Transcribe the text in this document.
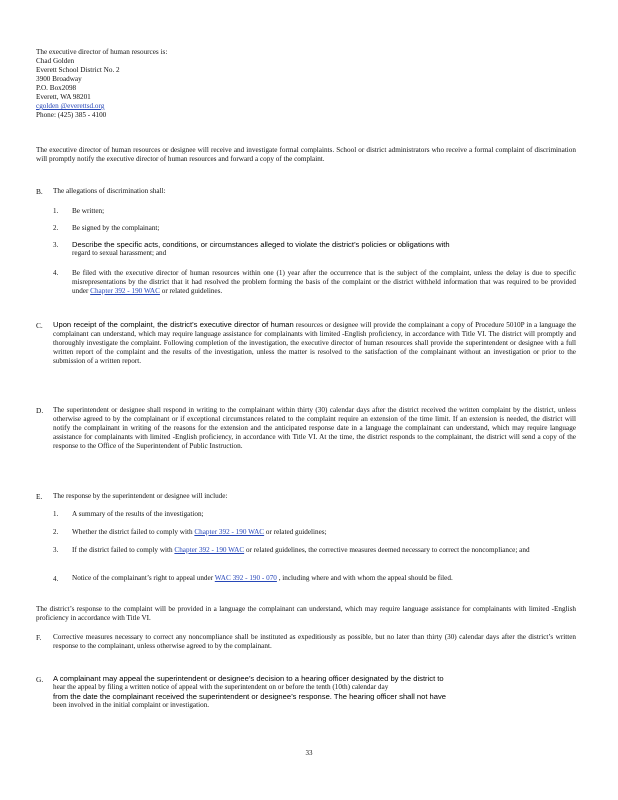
The executive director of human resources is:
Chad Golden
Everett School District No. 2
3900 Broadway
P.O. Box2098
Everett, WA 98201
cgolden @everettsd.org
Phone: (425) 385 - 4100
The executive director of human resources or designee will receive and investigate formal complaints. School or district administrators who receive a formal complaint of discrimination will promptly notify the executive director of human resources and forward a copy of the complaint.
B. The allegations of discrimination shall:
1. Be written;
2. Be signed by the complainant;
3. Describe the specific acts, conditions, or circumstances alleged to violate the district’s policies or obligations with
regard to sexual harassment; and
4. Be filed with the executive director of human resources within one (1) year after the occurrence that is the subject of the complaint, unless the delay is due to specific misrepresentations by the district that it had resolved the problem forming the basis of the complaint or the district withheld information that was required to be provided under Chapter 392 - 190 WAC or related guidelines.
C. Upon receipt of the complaint, the district’s executive director of human resources or designee will provide the complainant a copy of Procedure 5010P in a language the complainant can understand, which may require language assistance for complainants with limited -English proficiency, in accordance with Title VI. The district will promptly and thoroughly investigate the complaint. Following completion of the investigation, the executive director of human resources shall provide the superintendent or designee with a full written report of the complaint and the results of the investigation, unless the matter is resolved to the satisfaction of the complainant without an investigation or prior to the submission of a written report.
D. The superintendent or designee shall respond in writing to the complainant within thirty (30) calendar days after the district received the written complaint by the district, unless otherwise agreed to by the complainant or if exceptional circumstances related to the complaint require an extension of the time limit. If an extension is needed, the district will notify the complainant in writing of the reasons for the extension and the anticipated response date in a language the complainant can understand, which may require language assistance for complainants with limited -English proficiency, in accordance with Title VI. At the time, the district responds to the complainant, the district will send a copy of the response to the Office of the Superintendent of Public Instruction.
E. The response by the superintendent or designee will include:
1. A summary of the results of the investigation;
2. Whether the district failed to comply with Chapter 392 - 190 WAC or related guidelines;
3. If the district failed to comply with Chapter 392 - 190 WAC or related guidelines, the corrective measures deemed necessary to correct the noncompliance; and
4. Notice of the complainant’s right to appeal under WAC 392 - 190 - 070 , including where and with whom the appeal should be filed.
The district’s response to the complaint will be provided in a language the complainant can understand, which may require language assistance for complainants with limited -English proficiency in accordance with Title VI.
F. Corrective measures necessary to correct any noncompliance shall be instituted as expeditiously as possible, but no later than thirty (30) calendar days after the district’s written response to the complainant, unless otherwise agreed to by the complainant.
G. A complainant may appeal the superintendent or designee’s decision to a hearing officer designated by the district to
hear the appeal by filing a written notice of appeal with the superintendent on or before the tenth (10th) calendar day
from the date the complainant received the superintendent or designee’s response. The hearing officer shall not have
been involved in the initial complaint or investigation.
33
